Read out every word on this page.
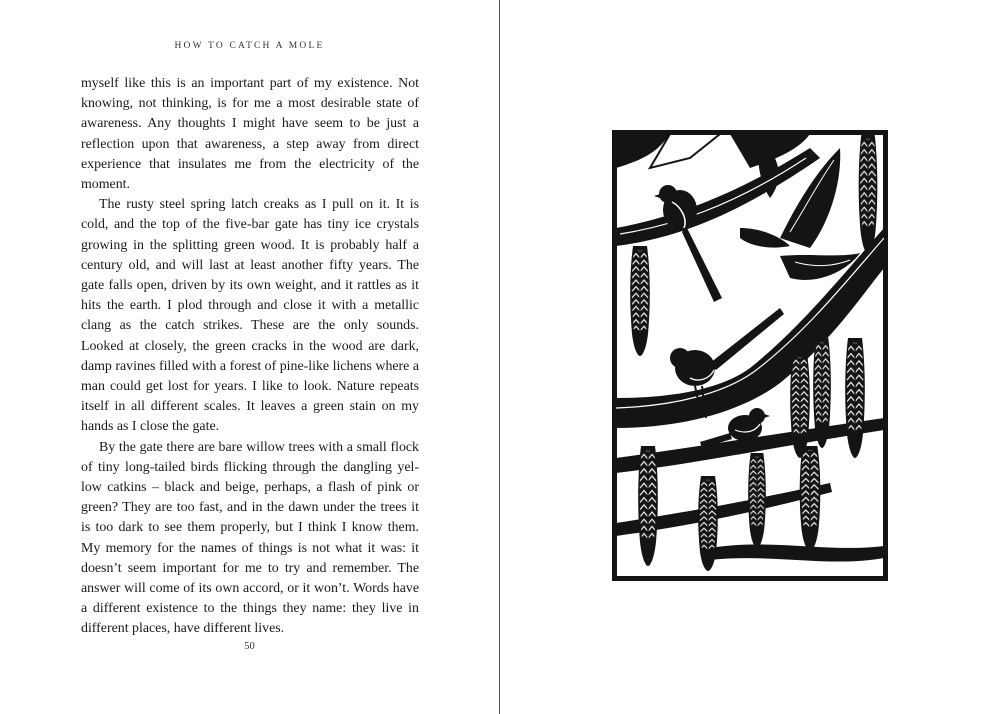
HOW TO CATCH A MOLE

myself like this is an important part of my existence. Not knowing, not thinking, is for me a most desirable state of awareness. Any thoughts I might have seem to be just a reflection upon that awareness, a step away from direct experience that insulates me from the electricity of the moment.

The rusty steel spring latch creaks as I pull on it. It is cold, and the top of the five-bar gate has tiny ice crystals growing in the splitting green wood. It is probably half a century old, and will last at least another fifty years. The gate falls open, driven by its own weight, and it rattles as it hits the earth. I plod through and close it with a metallic clang as the catch strikes. These are the only sounds. Looked at closely, the green cracks in the wood are dark, damp ravines filled with a forest of pine-like lichens where a man could get lost for years. I like to look. Nature repeats itself in all different scales. It leaves a green stain on my hands as I close the gate.

By the gate there are bare willow trees with a small flock of tiny long-tailed birds flicking through the dangling yellow catkins – black and beige, perhaps, a flash of pink or green? They are too fast, and in the dawn under the trees it is too dark to see them properly, but I think I know them. My memory for the names of things is not what it was: it doesn’t seem important for me to try and remember. The answer will come of its own accord, or it won’t. Words have a different existence to the things they name: they live in different places, have different lives.

50
